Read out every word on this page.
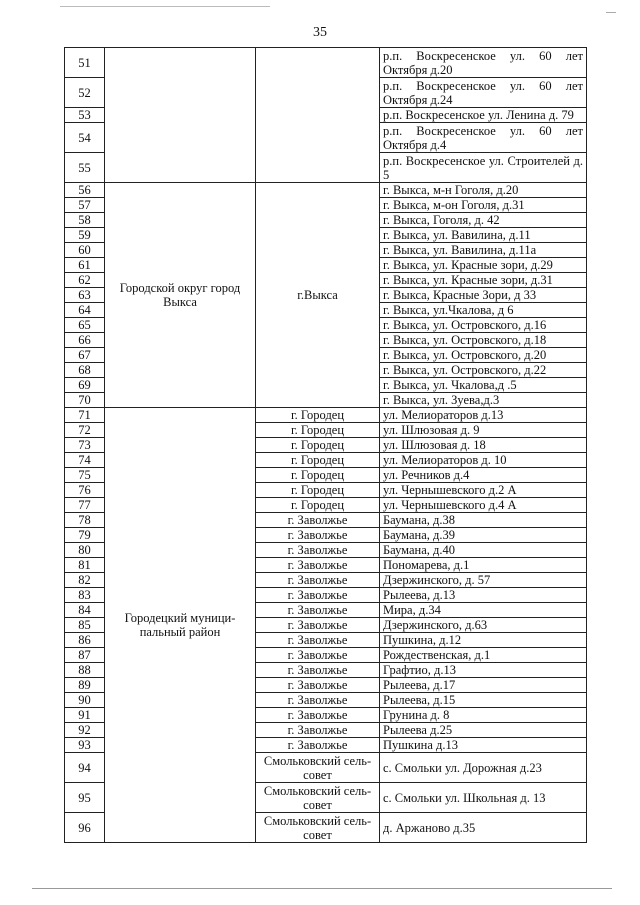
35
51			р.п. Воскресенское ул. 60 лет Октября д.20
52			р.п. Воскресенское ул. 60 лет Октября д.24
53			р.п. Воскресенское ул. Ленина д. 79
54			р.п. Воскресенское ул. 60 лет Октября д.4
55			р.п. Воскресенское ул. Строителей д. 5
56	Городской округ город Выкса	г.Выкса	г. Выкса, м-н Гоголя, д.20
57			г. Выкса, м-он Гоголя, д.31
58			г. Выкса, Гоголя, д. 42
59			г. Выкса, ул. Вавилина, д.11
60			г. Выкса, ул. Вавилина, д.11а
61			г. Выкса, ул. Красные зори, д.29
62			г. Выкса, ул. Красные зори, д.31
63			г. Выкса, Красные Зори, д 33
64			г. Выкса, ул.Чкалова, д 6
65			г. Выкса, ул. Островского, д.16
66			г. Выкса, ул. Островского, д.18
67			г. Выкса, ул. Островского, д.20
68			г. Выкса, ул. Островского, д.22
69			г. Выкса, ул. Чкалова,д .5
70			г. Выкса, ул. Зуева,д.3
71	Городецкий муници-пальный район	г. Городец	ул. Мелиораторов д.13
72		г. Городец	ул. Шлюзовая д. 9
73		г. Городец	ул. Шлюзовая д. 18
74		г. Городец	ул. Мелиораторов д. 10
75		г. Городец	ул. Речников д.4
76		г. Городец	ул. Чернышевского д.2 А
77		г. Городец	ул. Чернышевского д.4 А
78		г. Заволжье	Баумана, д.38
79		г. Заволжье	Баумана, д.39
80		г. Заволжье	Баумана, д.40
81		г. Заволжье	Пономарева, д.1
82		г. Заволжье	Дзержинского, д. 57
83		г. Заволжье	Рылеева, д.13
84		г. Заволжье	Мира, д.34
85		г. Заволжье	Дзержинского, д.63
86		г. Заволжье	Пушкина, д.12
87		г. Заволжье	Рождественская, д.1
88		г. Заволжье	Графтио, д.13
89		г. Заволжье	Рылеева, д.17
90		г. Заволжье	Рылеева, д.15
91		г. Заволжье	Грунина д. 8
92		г. Заволжье	Рылеева д.25
93		г. Заволжье	Пушкина д.13
94		Смольковский сель-совет	с. Смольки ул. Дорожная д.23
95		Смольковский сель-совет	с. Смольки ул. Школьная д. 13
96		Смольковский сель-совет	д. Аржаново д.35
